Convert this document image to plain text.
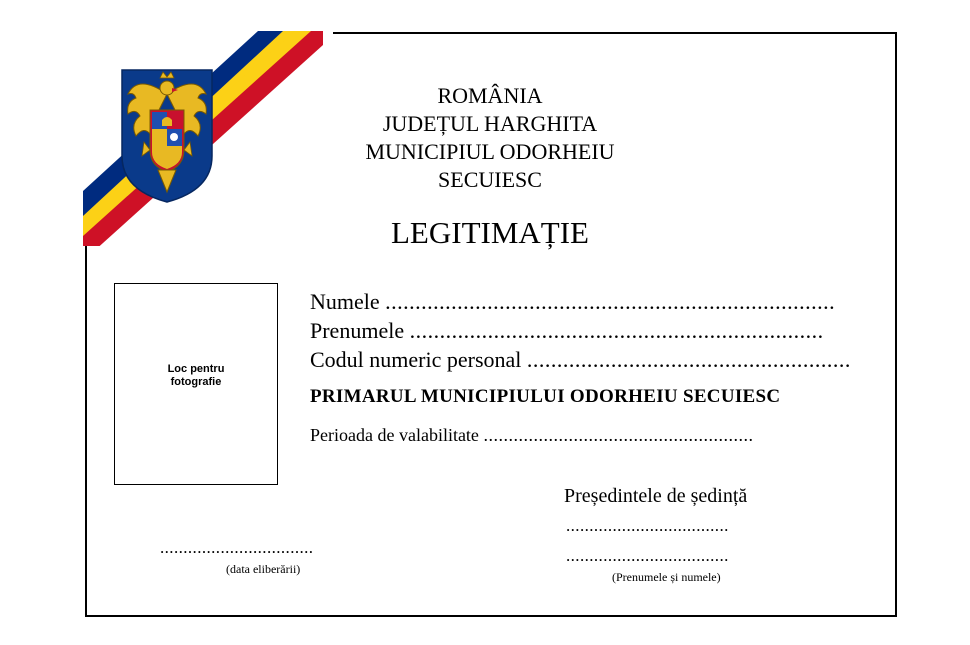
ROMÂNIA
JUDEȚUL HARGHITA
MUNICIPIUL ODORHEIU
SECUIESC
LEGITIMAȚIE
Loc pentru
fotografie
Numele ...........................................................................
Prenumele .....................................................................
Codul numeric personal ......................................................
PRIMARUL MUNICIPIULUI ODORHEIU SECUIESC
Perioada de valabilitate ......................................................
Președintele de ședință
...................................
...................................
(Prenumele și numele)
.................................
(data eliberării)
